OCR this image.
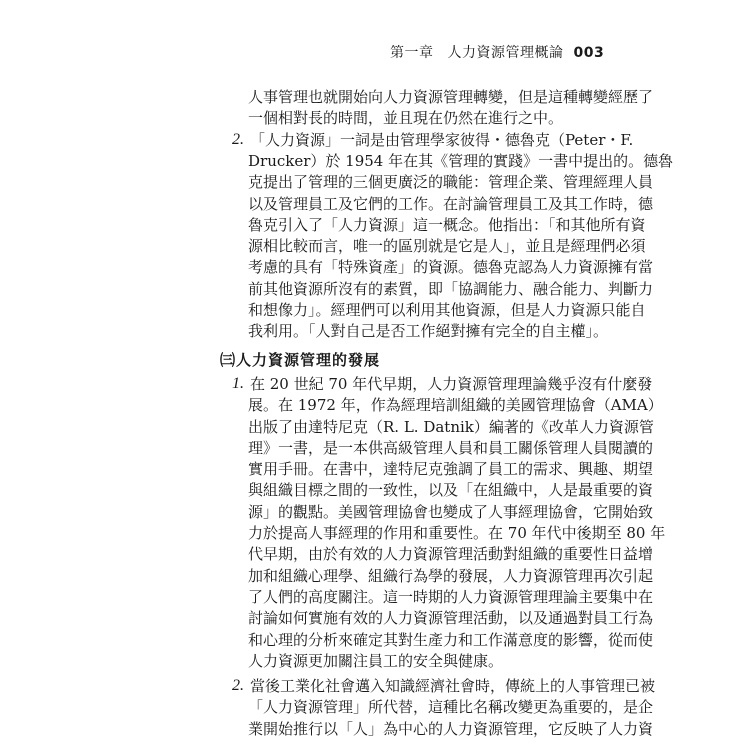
第一章 人力資源管理概論 003
人事管理也就開始向人力資源管理轉變，但是這種轉變經歷了
一個相對長的時間，並且現在仍然在進行之中。
2. 「人力資源」一詞是由管理學家彼得・德魯克（Peter・F.
Drucker）於 1954 年在其《管理的實踐》一書中提出的。德魯
克提出了管理的三個更廣泛的職能：管理企業、管理經理人員
以及管理員工及它們的工作。在討論管理員工及其工作時，德
魯克引入了「人力資源」這一概念。他指出：「和其他所有資
源相比較而言，唯一的區別就是它是人」，並且是經理們必須
考慮的具有「特殊資產」的資源。德魯克認為人力資源擁有當
前其他資源所沒有的素質，即「協調能力、融合能力、判斷力
和想像力」。經理們可以利用其他資源，但是人力資源只能自
我利用。「人對自己是否工作絕對擁有完全的自主權」。
㈢人力資源管理的發展
1. 在 20 世紀 70 年代早期，人力資源管理理論幾乎沒有什麼發
展。在 1972 年，作為經理培訓組織的美國管理協會（AMA）
出版了由達特尼克（R. L. Datnik）編著的《改革人力資源管
理》一書，是一本供高級管理人員和員工關係管理人員閱讀的
實用手冊。在書中，達特尼克強調了員工的需求、興趣、期望
與組織目標之間的一致性，以及「在組織中，人是最重要的資
源」的觀點。美國管理協會也變成了人事經理協會，它開始致
力於提高人事經理的作用和重要性。在 70 年代中後期至 80 年
代早期，由於有效的人力資源管理活動對組織的重要性日益增
加和組織心理學、組織行為學的發展，人力資源管理再次引起
了人們的高度關注。這一時期的人力資源管理理論主要集中在
討論如何實施有效的人力資源管理活動，以及通過對員工行為
和心理的分析來確定其對生產力和工作滿意度的影響，從而使
人力資源更加關注員工的安全與健康。
2. 當後工業化社會邁入知識經濟社會時，傳統上的人事管理已被
「人力資源管理」所代替，這種比名稱改變更為重要的，是企
業開始推行以「人」為中心的人力資源管理，它反映了人力資
